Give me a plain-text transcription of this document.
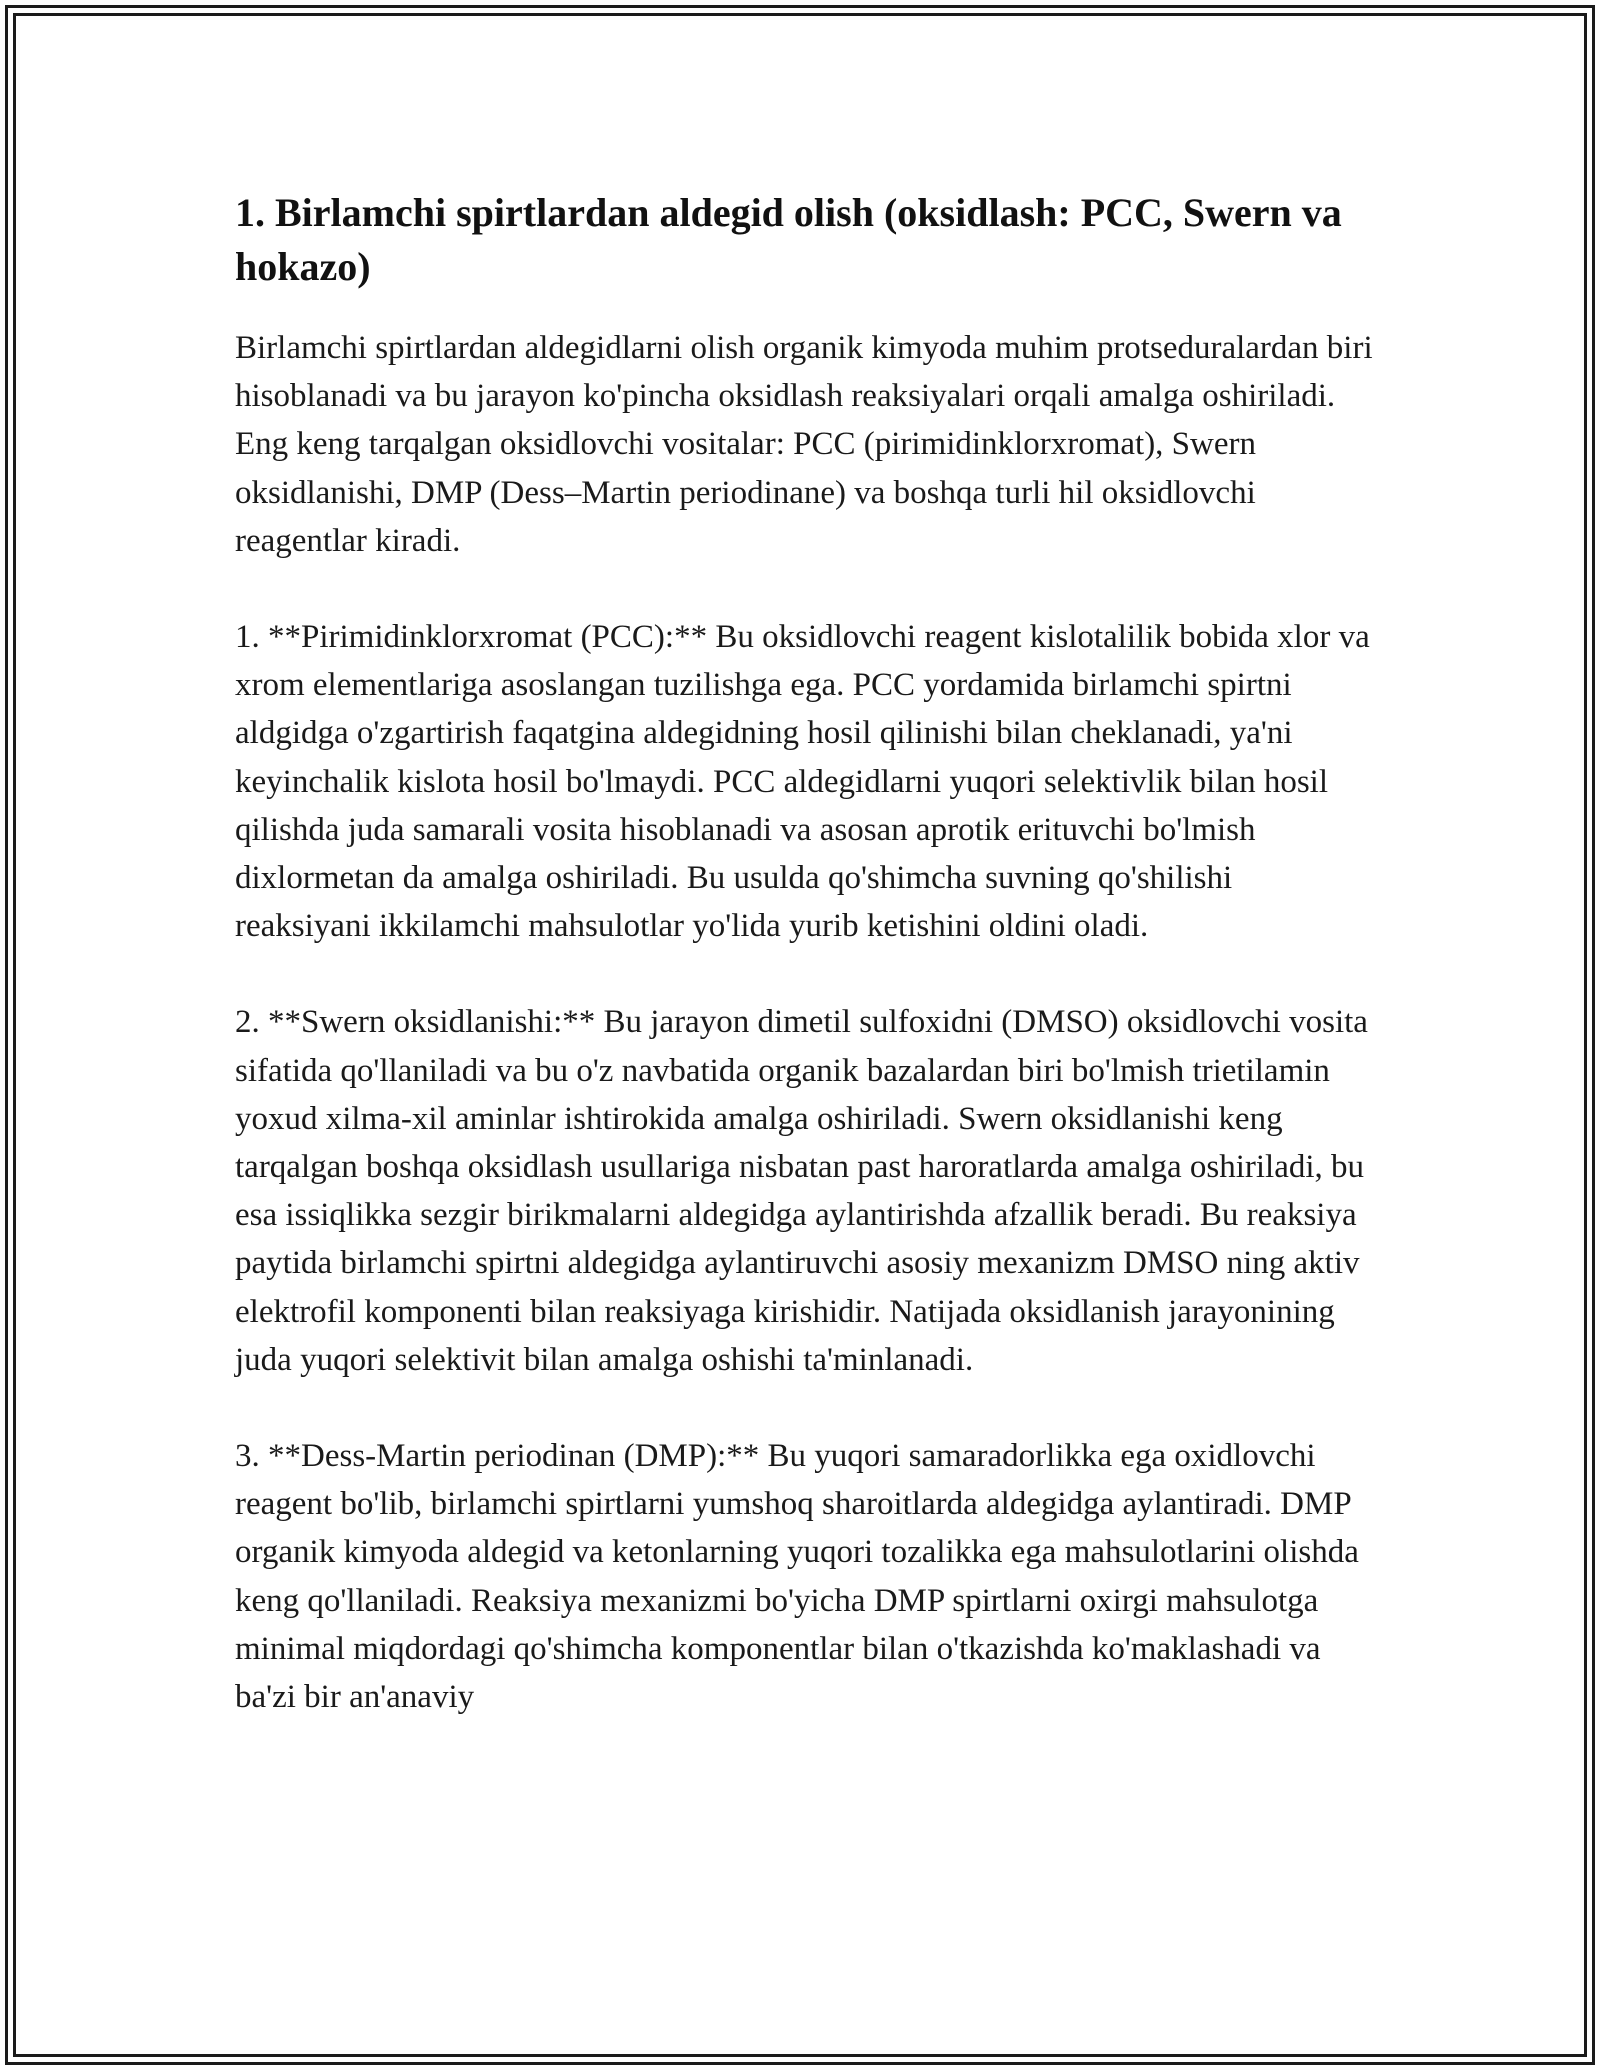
1. Birlamchi spirtlardan aldegid olish (oksidlash: PCC, Swern va hokazo)

Birlamchi spirtlardan aldegidlarni olish organik kimyoda muhim protseduralardan biri hisoblanadi va bu jarayon ko'pincha oksidlash reaksiyalari orqali amalga oshiriladi. Eng keng tarqalgan oksidlovchi vositalar: PCC (pirimidinklorxromat), Swern oksidlanishi, DMP (Dess–Martin periodinane) va boshqa turli hil oksidlovchi reagentlar kiradi.

1. **Pirimidinklorxromat (PCC):** Bu oksidlovchi reagent kislotalilik bobida xlor va xrom elementlariga asoslangan tuzilishga ega. PCC yordamida birlamchi spirtni aldgidga o'zgartirish faqatgina aldegidning hosil qilinishi bilan cheklanadi, ya'ni keyinchalik kislota hosil bo'lmaydi. PCC aldegidlarni yuqori selektivlik bilan hosil qilishda juda samarali vosita hisoblanadi va asosan aprotik erituvchi bo'lmish dixlormetan da amalga oshiriladi. Bu usulda qo'shimcha suvning qo'shilishi reaksiyani ikkilamchi mahsulotlar yo'lida yurib ketishini oldini oladi.

2. **Swern oksidlanishi:** Bu jarayon dimetil sulfoxidni (DMSO) oksidlovchi vosita sifatida qo'llaniladi va bu o'z navbatida organik bazalardan biri bo'lmish trietilamin yoxud xilma-xil aminlar ishtirokida amalga oshiriladi. Swern oksidlanishi keng tarqalgan boshqa oksidlash usullariga nisbatan past haroratlarda amalga oshiriladi, bu esa issiqlikka sezgir birikmalarni aldegidga aylantirishda afzallik beradi. Bu reaksiya paytida birlamchi spirtni aldegidga aylantiruvchi asosiy mexanizm DMSO ning aktiv elektrofil komponenti bilan reaksiyaga kirishidir. Natijada oksidlanish jarayonining juda yuqori selektivit bilan amalga oshishi ta'minlanadi.

3. **Dess-Martin periodinan (DMP):** Bu yuqori samaradorlikka ega oxidlovchi reagent bo'lib, birlamchi spirtlarni yumshoq sharoitlarda aldegidga aylantiradi. DMP organik kimyoda aldegid va ketonlarning yuqori tozalikka ega mahsulotlarini olishda keng qo'llaniladi. Reaksiya mexanizmi bo'yicha DMP spirtlarni oxirgi mahsulotga minimal miqdordagi qo'shimcha komponentlar bilan o'tkazishda ko'maklashadi va ba'zi bir an'anaviy
